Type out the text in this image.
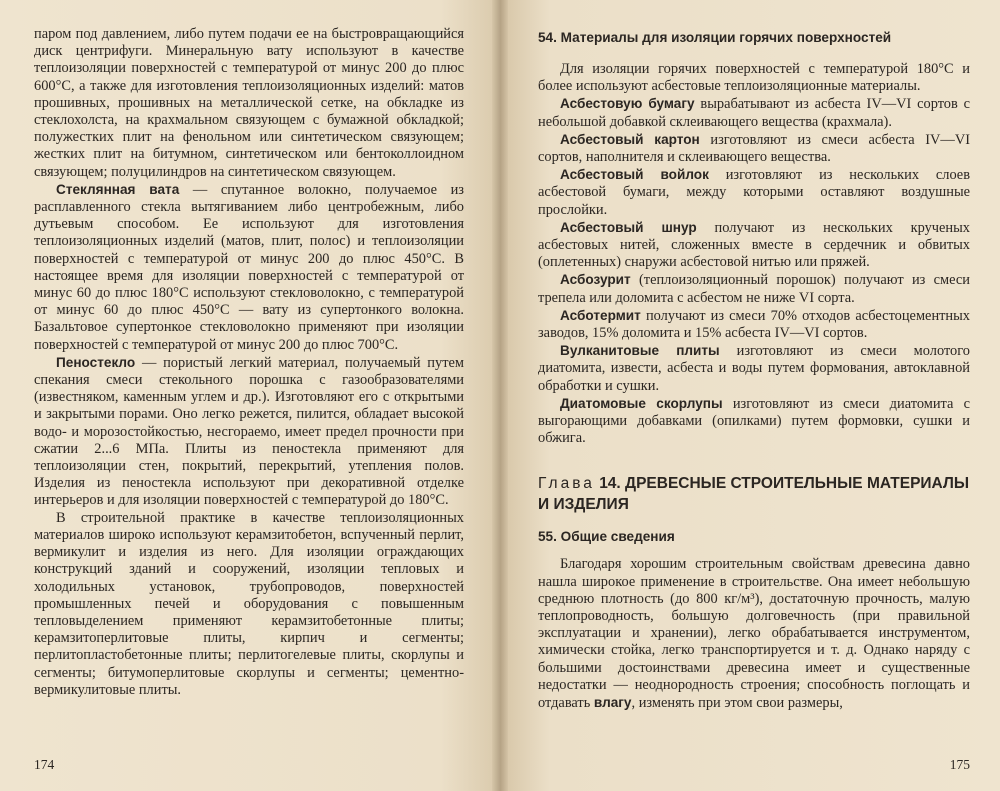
паром под давлением, либо путем подачи ее на быстровращающийся диск центрифуги. Минеральную вату используют в качестве теплоизоляции поверхностей с температурой от минус 200 до плюс 600°С, а также для изготовления теплоизоляционных изделий: матов прошивных, прошивных на металлической сетке, на обкладке из стеклохолста, на крахмальном связующем с бумажной обкладкой; полужестких плит на фенольном или синтетическом связующем; жестких плит на битумном, синтетическом или бентоколлоидном связующем; полуцилиндров на синтетическом связующем.

Стеклянная вата — спутанное волокно, получаемое из расплавленного стекла вытягиванием либо центробежным, либо дутьевым способом. Ее используют для изготовления теплоизоляционных изделий (матов, плит, полос) и теплоизоляции поверхностей с температурой от минус 200 до плюс 450°С. В настоящее время для изоляции поверхностей с температурой от минус 60 до плюс 180°С используют стекловолокно, с температурой от минус 60 до плюс 450°С — вату из супертонкого волокна. Базальтовое супертонкое стекловолокно применяют при изоляции поверхностей с температурой от минус 200 до плюс 700°С.

Пеностекло — пористый легкий материал, получаемый путем спекания смеси стекольного порошка с газообразователями (известняком, каменным углем и др.). Изготовляют его с открытыми и закрытыми порами. Оно легко режется, пилится, обладает высокой водо- и морозостойкостью, несгораемо, имеет предел прочности при сжатии 2...6 МПа. Плиты из пеностекла применяют для теплоизоляции стен, покрытий, перекрытий, утепления полов. Изделия из пеностекла используют при декоративной отделке интерьеров и для изоляции поверхностей с температурой до 180°С.

В строительной практике в качестве теплоизоляционных материалов широко используют керамзитобетон, вспученный перлит, вермикулит и изделия из него. Для изоляции ограждающих конструкций зданий и сооружений, изоляции тепловых и холодильных установок, трубопроводов, поверхностей промышленных печей и оборудования с повышенным тепловыделением применяют керамзитобетонные плиты; керамзитоперлитовые плиты, кирпич и сегменты; перлитопластобетонные плиты; перлитогелевые плиты, скорлупы и сегменты; битумоперлитовые скорлупы и сегменты; цементно-вермикулитовые плиты.

174
54. Материалы для изоляции горячих поверхностей

Для изоляции горячих поверхностей с температурой 180°С и более используют асбестовые теплоизоляционные материалы.

Асбестовую бумагу вырабатывают из асбеста IV—VI сортов с небольшой добавкой склеивающего вещества (крахмала).

Асбестовый картон изготовляют из смеси асбеста IV—VI сортов, наполнителя и склеивающего вещества.

Асбестовый войлок изготовляют из нескольких слоев асбестовой бумаги, между которыми оставляют воздушные прослойки.

Асбестовый шнур получают из нескольких крученых асбестовых нитей, сложенных вместе в сердечник и обвитых (оплетенных) снаружи асбестовой нитью или пряжей.

Асбозурит (теплоизоляционный порошок) получают из смеси трепела или доломита с асбестом не ниже VI сорта.

Асботермит получают из смеси 70% отходов асбестоцементных заводов, 15% доломита и 15% асбеста IV—VI сортов.

Вулканитовые плиты изготовляют из смеси молотого диатомита, извести, асбеста и воды путем формования, автоклавной обработки и сушки.

Диатомовые скорлупы изготовляют из смеси диатомита с выгорающими добавками (опилками) путем формовки, сушки и обжига.

Глава 14. ДРЕВЕСНЫЕ СТРОИТЕЛЬНЫЕ МАТЕРИАЛЫ И ИЗДЕЛИЯ
55. Общие сведения

Благодаря хорошим строительным свойствам древесина давно нашла широкое применение в строительстве. Она имеет небольшую среднюю плотность (до 800 кг/м³), достаточную прочность, малую теплопроводность, большую долговечность (при правильной эксплуатации и хранении), легко обрабатывается инструментом, химически стойка, легко транспортируется и т. д. Однако наряду с большими достоинствами древесина имеет и существенные недостатки — неоднородность строения; способность поглощать и отдавать влагу, изменять при этом свои размеры,

175
